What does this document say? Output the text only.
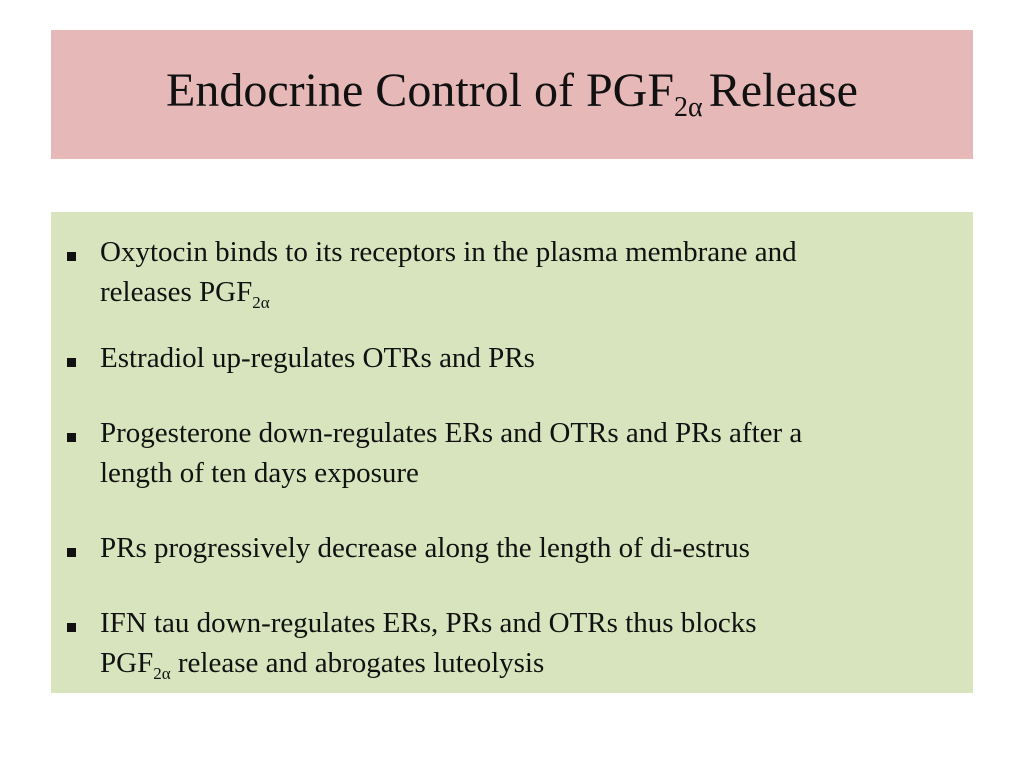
Endocrine Control of $PGF_{2\alpha}$ Release
Oxytocin binds to its receptors in the plasma membrane and
releases $PGF_{2\alpha}$
Estradiol up-regulates OTRs and PRs
Progesterone down-regulates ERs and OTRs and PRs after a
length of ten days exposure
PRs progressively decrease along the length of di-estrus
IFN tau down-regulates ERs, PRs and OTRs thus blocks
$PGF_{2\alpha}$ release and abrogates luteolysis
